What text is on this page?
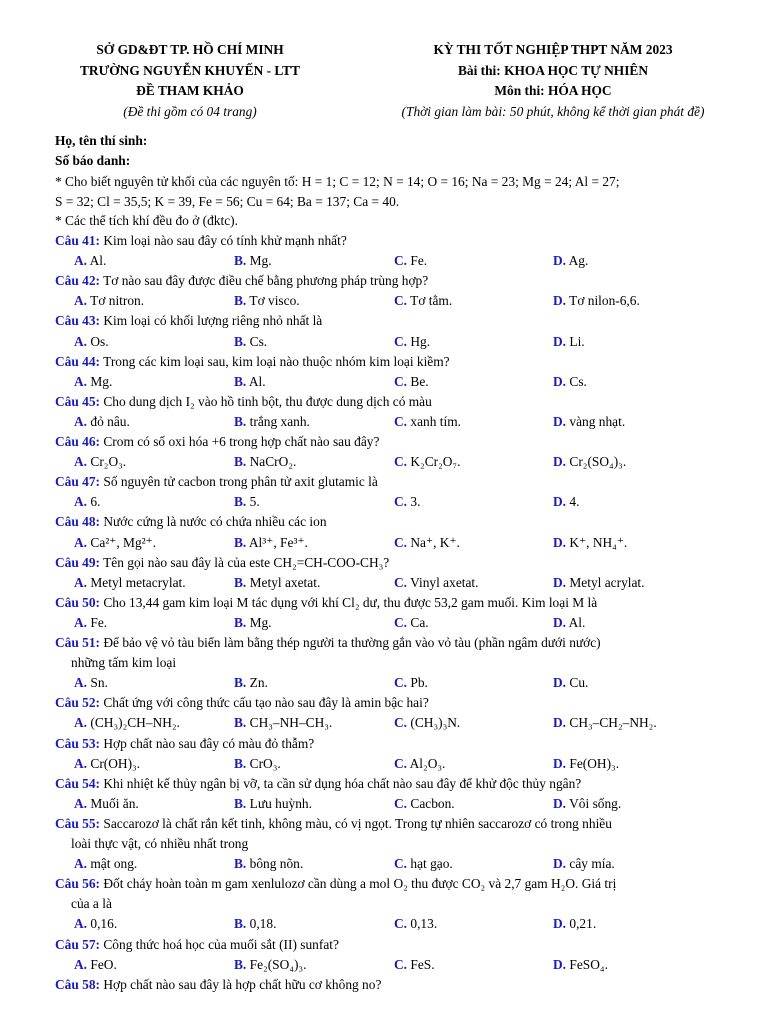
SỞ GD&ĐT TP. HỒ CHÍ MINH
TRƯỜNG NGUYỄN KHUYẾN - LTT
ĐỀ THAM KHẢO
(Đề thi gồm có 04 trang)
KỲ THI TỐT NGHIỆP THPT NĂM 2023
Bài thi: KHOA HỌC TỰ NHIÊN
Môn thi: HÓA HỌC
(Thời gian làm bài: 50 phút, không kể thời gian phát đề)
Họ, tên thí sinh:
Số báo danh:
* Cho biết nguyên tử khối của các nguyên tố: H = 1; C = 12; N = 14; O = 16; Na = 23; Mg = 24; Al = 27;
S = 32; Cl = 35,5; K = 39, Fe = 56; Cu = 64; Ba = 137; Ca = 40.
* Các thể tích khí đều đo ở (đktc).
Câu 41: Kim loại nào sau đây có tính khử mạnh nhất?
A. Al.	B. Mg.	C. Fe.	D. Ag.
Câu 42: Tơ nào sau đây được điều chế bằng phương pháp trùng hợp?
A. Tơ nitron.	B. Tơ visco.	C. Tơ tằm.	D. Tơ nilon-6,6.
Câu 43: Kim loại có khối lượng riêng nhỏ nhất là
A. Os.	B. Cs.	C. Hg.	D. Li.
Câu 44: Trong các kim loại sau, kim loại nào thuộc nhóm kim loại kiềm?
A. Mg.	B. Al.	C. Be.	D. Cs.
Câu 45: Cho dung dịch I₂ vào hồ tinh bột, thu được dung dịch có màu
A. đỏ nâu.	B. trắng xanh.	C. xanh tím.	D. vàng nhạt.
Câu 46: Crom có số oxi hóa +6 trong hợp chất nào sau đây?
A. Cr₂O₃.	B. NaCrO₂.	C. K₂Cr₂O₇.	D. Cr₂(SO₄)₃.
Câu 47: Số nguyên tử cacbon trong phân tử axit glutamic là
A. 6.	B. 5.	C. 3.	D. 4.
Câu 48: Nước cứng là nước có chứa nhiều các ion
A. Ca²⁺, Mg²⁺.	B. Al³⁺, Fe³⁺.	C. Na⁺, K⁺.	D. K⁺, NH₄⁺.
Câu 49: Tên gọi nào sau đây là của este CH₂=CH-COO-CH₃?
A. Metyl metacrylat.	B. Metyl axetat.	C. Vinyl axetat.	D. Metyl acrylat.
Câu 50: Cho 13,44 gam kim loại M tác dụng với khí Cl₂ dư, thu được 53,2 gam muối. Kim loại M là
A. Fe.	B. Mg.	C. Ca.	D. Al.
Câu 51: Để bảo vệ vỏ tàu biển làm bằng thép người ta thường gắn vào vỏ tàu (phần ngâm dưới nước)
những tấm kim loại
A. Sn.	B. Zn.	C. Pb.	D. Cu.
Câu 52: Chất ứng với công thức cấu tạo nào sau đây là amin bậc hai?
A. (CH₃)₂CH–NH₂.	B. CH₃–NH–CH₃.	C. (CH₃)₃N.	D. CH₃–CH₂–NH₂.
Câu 53: Hợp chất nào sau đây có màu đỏ thẫm?
A. Cr(OH)₃.	B. CrO₃.	C. Al₂O₃.	D. Fe(OH)₃.
Câu 54: Khi nhiệt kế thủy ngân bị vỡ, ta cần sử dụng hóa chất nào sau đây để khử độc thủy ngân?
A. Muối ăn.	B. Lưu huỳnh.	C. Cacbon.	D. Vôi sống.
Câu 55: Saccarozơ là chất rắn kết tinh, không màu, có vị ngọt. Trong tự nhiên saccarozơ có trong nhiều
loài thực vật, có nhiều nhất trong
A. mật ong.	B. bông nõn.	C. hạt gạo.	D. cây mía.
Câu 56: Đốt cháy hoàn toàn m gam xenlulozơ cần dùng a mol O₂ thu được CO₂ và 2,7 gam H₂O. Giá trị
của a là
A. 0,16.	B. 0,18.	C. 0,13.	D. 0,21.
Câu 57: Công thức hoá học của muối sắt (II) sunfat?
A. FeO.	B. Fe₂(SO₄)₃.	C. FeS.	D. FeSO₄.
Câu 58: Hợp chất nào sau đây là hợp chất hữu cơ không no?
